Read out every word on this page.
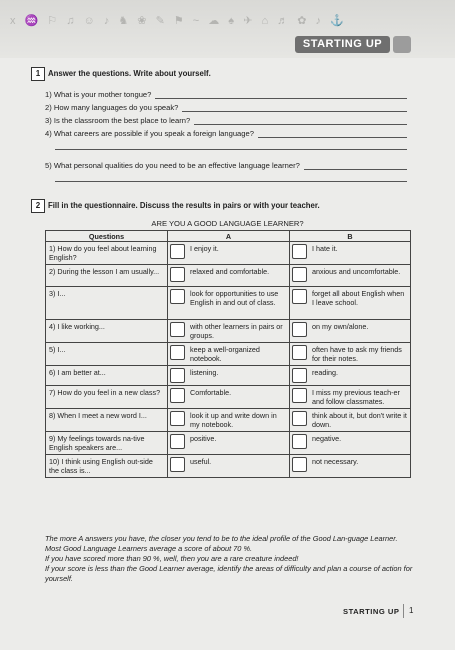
x ♒ ⚐ ♫ ☺ ♪ ♞ ❀ ✎ ⚑ ~ ☁ ♠ ✈ ⌂ ♬ ✿ ♪ ⚓
STARTING UP
1 Answer the questions. Write about yourself.
1) What is your mother tongue?
2) How many languages do you speak?
3) Is the classroom the best place to learn?
4) What careers are possible if you speak a foreign language?
5) What personal qualities do you need to be an effective language learner?
2 Fill in the questionnaire. Discuss the results in pairs or with your teacher.
ARE YOU A GOOD LANGUAGE LEARNER?
Questions	A	B
1) How do you feel about learning English?	I enjoy it.	I hate it.

2) During the lesson I am usually...	relaxed and comfortable.	anxious and uncomfortable.

3) I...	look for opportunities to use English in and out of class.	forget all about English when I leave school.

4) I like working...	with other learners in pairs or groups.	on my own/alone.

5) I...	keep a well-organized notebook.	often have to ask my friends for their notes.

6) I am better at...	listening.	reading.

7) How do you feel in a new class?	Comfortable.	I miss my previous teach-er and follow classmates.

8) When I meet a new word I...	look it up and write down in my notebook.	think about it, but don't write it down.

9) My feelings towards na-tive English speakers are...	positive.	negative.

10) I think using English out-side the class is...	useful.	not necessary.
The more A answers you have, the closer you tend to be to the ideal profile of the Good Lan-guage Learner. Most Good Language Learners average a score of about 70 %.
If you have scored more than 90 %, well, then you are a rare creature indeed!
If your score is less than the Good Learner average, identify the areas of difficulty and plan a course of action for yourself.
STARTING UP	1
